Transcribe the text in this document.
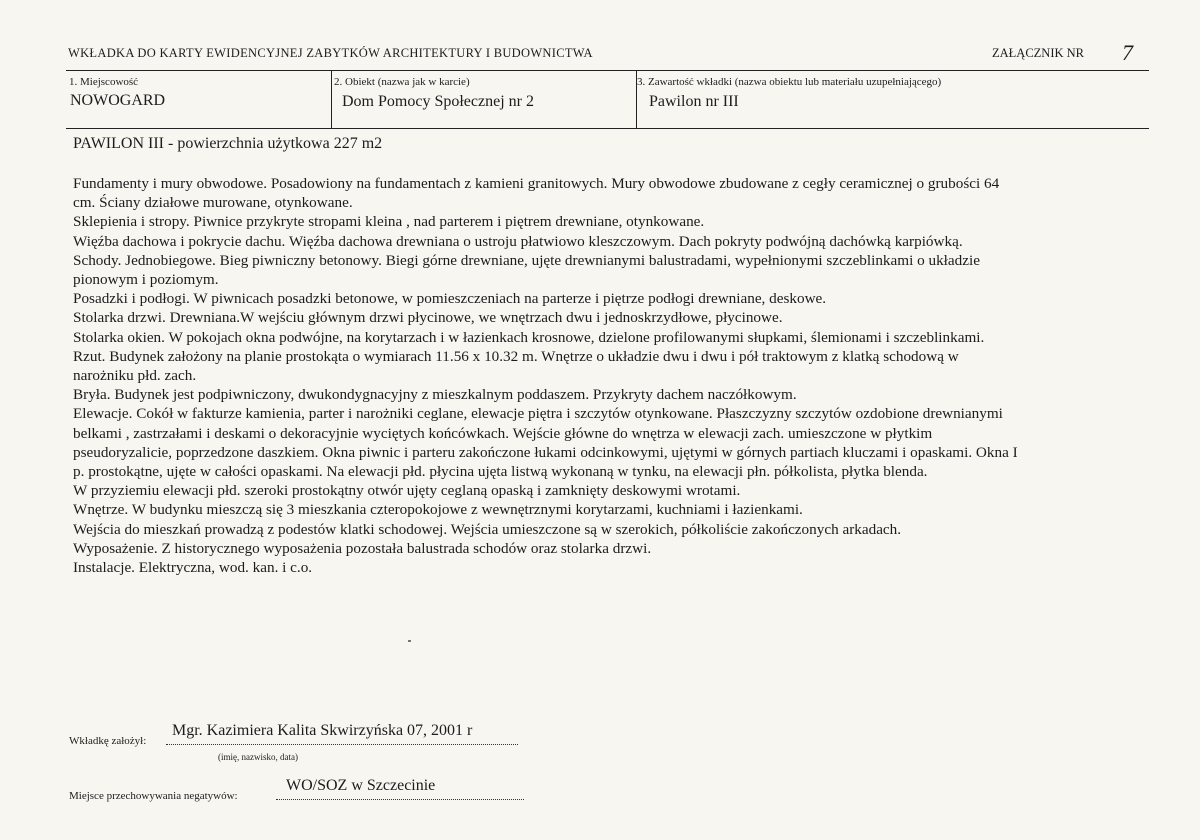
WKŁADKA DO KARTY EWIDENCYJNEJ ZABYTKÓW ARCHITEKTURY I BUDOWNICTWA	ZAŁĄCZNIK NR 7
1. Miejscowość
NOWOGARD
2. Obiekt (nazwa jak w karcie)
Dom Pomocy Społecznej nr 2
3. Zawartość wkładki (nazwa obiektu lub materiału uzupełniającego)
Pawilon nr III
PAWILON III - powierzchnia użytkowa 227 m2
Fundamenty i mury obwodowe. Posadowiony na fundamentach z kamieni granitowych. Mury obwodowe zbudowane z cegły ceramicznej o grubości 64
cm. Ściany działowe murowane, otynkowane.
Sklepienia i stropy. Piwnice przykryte stropami kleina , nad parterem i piętrem drewniane, otynkowane.
Więźba dachowa i pokrycie dachu. Więźba dachowa drewniana o ustroju płatwiowo kleszczowym. Dach pokryty podwójną dachówką karpiówką.
Schody. Jednobiegowe. Bieg piwniczny betonowy. Biegi górne drewniane, ujęte drewnianymi balustradami, wypełnionymi szczeblinkami o układzie
pionowym i poziomym.
Posadzki i podłogi. W piwnicach posadzki betonowe, w pomieszczeniach na parterze i piętrze podłogi drewniane, deskowe.
Stolarka drzwi. Drewniana.W wejściu głównym drzwi płycinowe, we wnętrzach dwu i jednoskrzydłowe, płycinowe.
Stolarka okien. W pokojach okna podwójne, na korytarzach i w łazienkach krosnowe, dzielone profilowanymi słupkami, ślemionami i szczeblinkami.
Rzut. Budynek założony na planie prostokąta o wymiarach 11.56 x 10.32 m. Wnętrze o układzie dwu i dwu i pół traktowym z klatką schodową w
narożniku płd. zach.
Bryła. Budynek jest podpiwniczony, dwukondygnacyjny z mieszkalnym poddaszem. Przykryty dachem naczółkowym.
Elewacje. Cokół w fakturze kamienia, parter i narożniki ceglane, elewacje piętra i szczytów otynkowane. Płaszczyzny szczytów ozdobione drewnianymi
belkami , zastrzałami i deskami o dekoracyjnie wyciętych końcówkach. Wejście główne do wnętrza w elewacji zach. umieszczone w płytkim
pseudoryzalicie, poprzedzone daszkiem. Okna piwnic i parteru zakończone łukami odcinkowymi, ujętymi w górnych partiach kluczami i opaskami. Okna I
p. prostokątne, ujęte w całości opaskami. Na elewacji płd. płycina ujęta listwą wykonaną w tynku, na elewacji płn. półkolista, płytka blenda.
W przyziemiu elewacji płd. szeroki prostokątny otwór ujęty ceglaną opaską i zamknięty deskowymi wrotami.
Wnętrze. W budynku mieszczą się 3 mieszkania czteropokojowe z wewnętrznymi korytarzami, kuchniami i łazienkami.
Wejścia do mieszkań prowadzą z podestów klatki schodowej. Wejścia umieszczone są w szerokich, półkoliście zakończonych arkadach.
Wyposażenie. Z historycznego wyposażenia pozostała balustrada schodów oraz stolarka drzwi.
Instalacje. Elektryczna, wod. kan. i c.o.
Wkładkę założył:
Mgr. Kazimiera Kalita Skwirzyńska 07, 2001 r
(imię, nazwisko, data)
Miejsce przechowywania negatywów:
WO/SOZ w Szczecinie
